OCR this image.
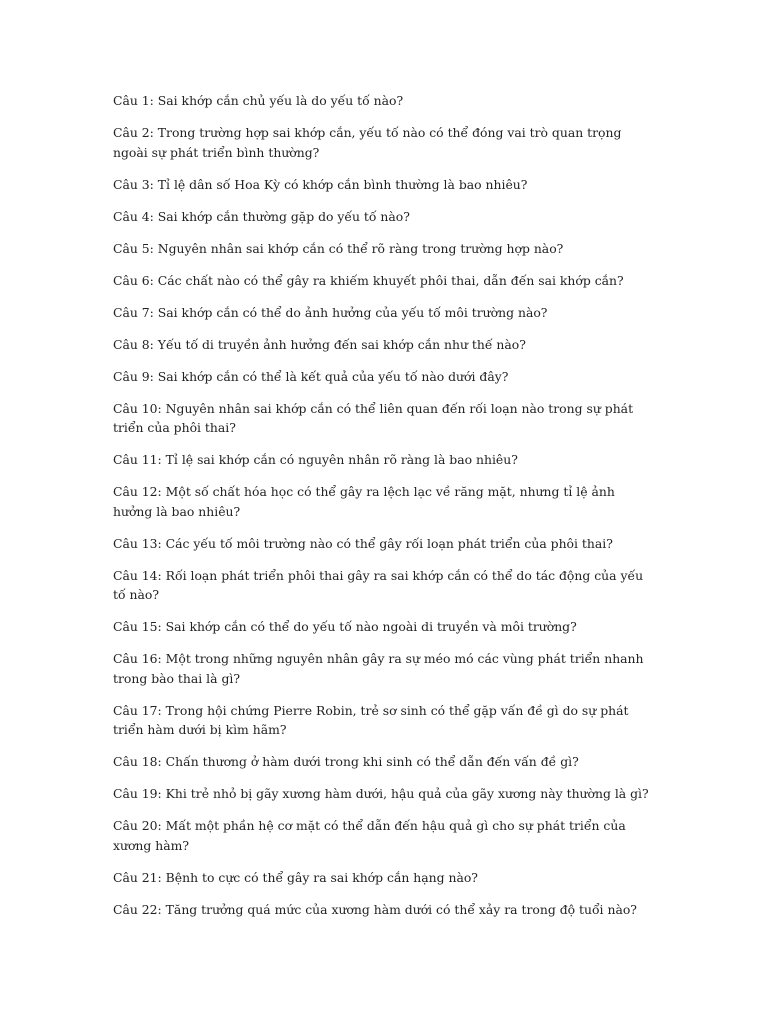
Câu 1: Sai khớp cắn chủ yếu là do yếu tố nào?

Câu 2: Trong trường hợp sai khớp cắn, yếu tố nào có thể đóng vai trò quan trọng ngoài sự phát triển bình thường?

Câu 3: Tỉ lệ dân số Hoa Kỳ có khớp cắn bình thường là bao nhiêu?

Câu 4: Sai khớp cắn thường gặp do yếu tố nào?

Câu 5: Nguyên nhân sai khớp cắn có thể rõ ràng trong trường hợp nào?

Câu 6: Các chất nào có thể gây ra khiếm khuyết phôi thai, dẫn đến sai khớp cắn?

Câu 7: Sai khớp cắn có thể do ảnh hưởng của yếu tố môi trường nào?

Câu 8: Yếu tố di truyền ảnh hưởng đến sai khớp cắn như thế nào?

Câu 9: Sai khớp cắn có thể là kết quả của yếu tố nào dưới đây?

Câu 10: Nguyên nhân sai khớp cắn có thể liên quan đến rối loạn nào trong sự phát triển của phôi thai?

Câu 11: Tỉ lệ sai khớp cắn có nguyên nhân rõ ràng là bao nhiêu?

Câu 12: Một số chất hóa học có thể gây ra lệch lạc về răng mặt, nhưng tỉ lệ ảnh hưởng là bao nhiêu?

Câu 13: Các yếu tố môi trường nào có thể gây rối loạn phát triển của phôi thai?

Câu 14: Rối loạn phát triển phôi thai gây ra sai khớp cắn có thể do tác động của yếu tố nào?

Câu 15: Sai khớp cắn có thể do yếu tố nào ngoài di truyền và môi trường?

Câu 16: Một trong những nguyên nhân gây ra sự méo mó các vùng phát triển nhanh trong bào thai là gì?

Câu 17: Trong hội chứng Pierre Robin, trẻ sơ sinh có thể gặp vấn đề gì do sự phát triển hàm dưới bị kìm hãm?

Câu 18: Chấn thương ở hàm dưới trong khi sinh có thể dẫn đến vấn đề gì?

Câu 19: Khi trẻ nhỏ bị gãy xương hàm dưới, hậu quả của gãy xương này thường là gì?

Câu 20: Mất một phần hệ cơ mặt có thể dẫn đến hậu quả gì cho sự phát triển của xương hàm?

Câu 21: Bệnh to cực có thể gây ra sai khớp cắn hạng nào?

Câu 22: Tăng trưởng quá mức của xương hàm dưới có thể xảy ra trong độ tuổi nào?
